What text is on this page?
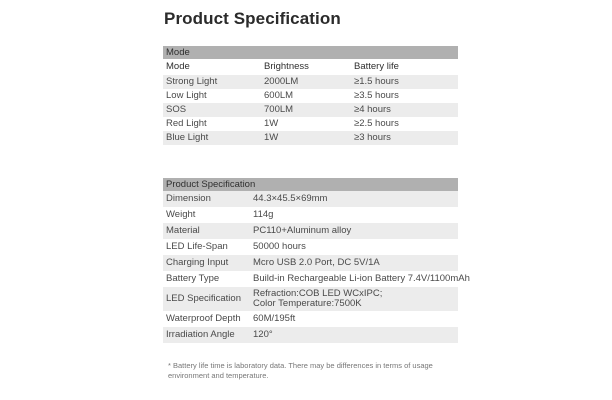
Product Specification
Mode
Mode	Brightness	Battery life
Strong Light	2000LM	≥1.5 hours
Low Light	600LM	≥3.5 hours
SOS	700LM	≥4 hours
Red Light	1W	≥2.5 hours
Blue Light	1W	≥3 hours
Product Specification
Dimension	44.3×45.5×69mm
Weight	114g
Material	PC110+Aluminum alloy
LED Life-Span	50000 hours
Charging Input	Mcro USB 2.0 Port, DC 5V/1A
Battery Type	Build-in Rechargeable Li-ion Battery 7.4V/1100mAh
LED Specification Refraction:COB LED WCxIPC;
Color Temperature:7500K
Waterproof Depth 60M/195ft
Irradiation Angle 120°
* Battery life time is laboratory data. There may be differences in terms of usage environment and temperature.
